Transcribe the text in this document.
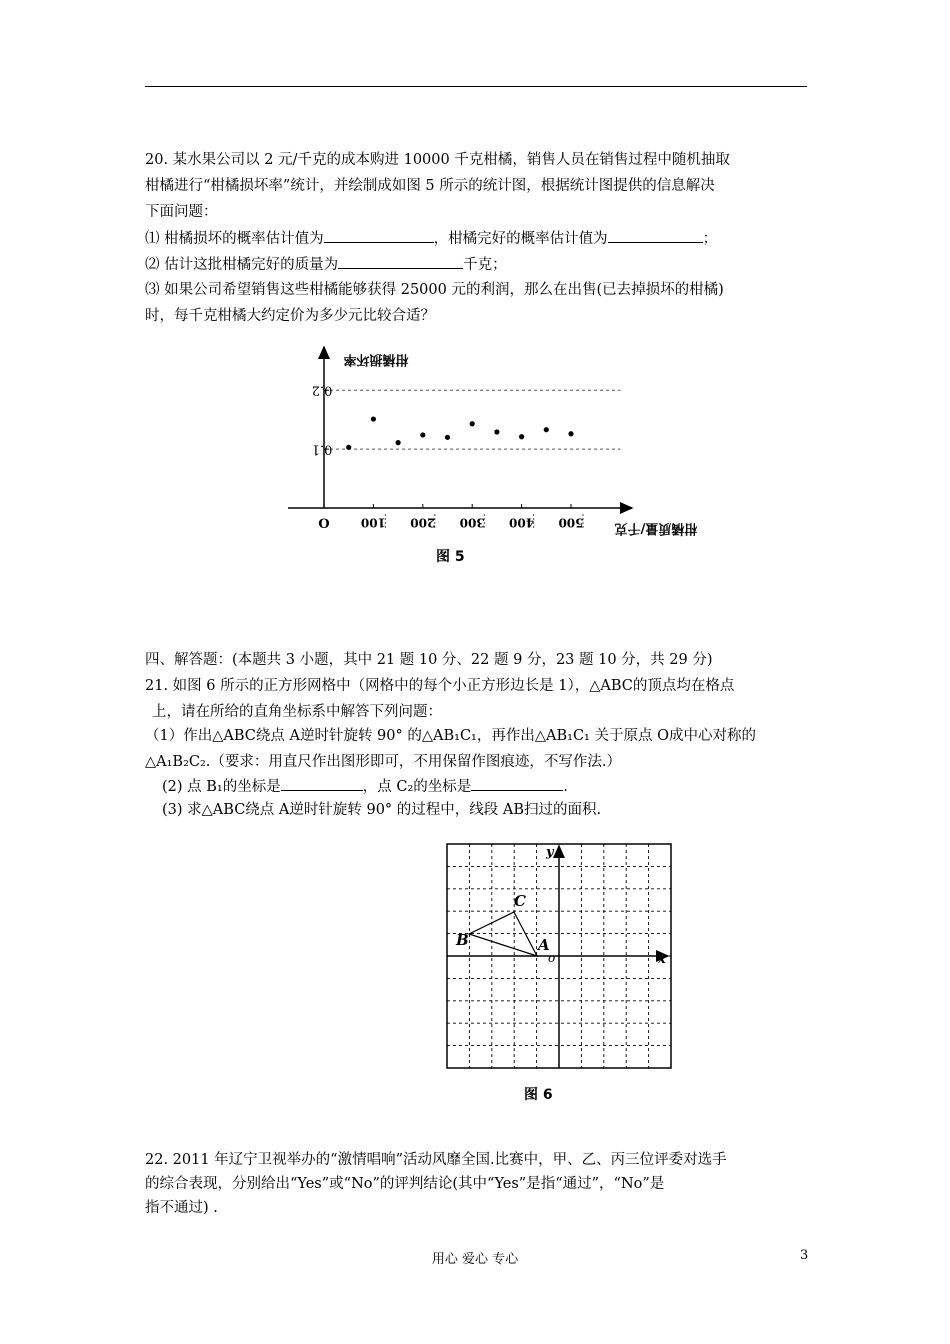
20. 某水果公司以 2 元/千克的成本购进 10000 千克柑橘，销售人员在销售过程中随机抽取
柑橘进行“柑橘损坏率”统计，并绘制成如图 5 所示的统计图，根据统计图提供的信息解决
下面问题：
⑴ 柑橘损坏的概率估计值为	，柑橘完好的概率估计值为	；
⑵ 估计这批柑橘完好的质量为	千克；
⑶ 如果公司希望销售这些柑橘能够获得 25000 元的利润，那么在出售(已去掉损坏的柑橘)
时，每千克柑橘大约定价为多少元比较合适？
0.1
0.2
100 200 300 400 500
O
柑橘损坏率
柑橘质量/千克
图 5
四、解答题：(本题共 3 小题，其中 21 题 10 分、22 题 9 分，23 题 10 分，共 29 分)
21. 如图 6 所示的正方形网格中（网格中的每个小正方形边长是 1），△ABC的顶点均在格点
上，请在所给的直角坐标系中解答下列问题：
（1）作出△ABC绕点 A逆时针旋转 90° 的△AB₁C₁，再作出△AB₁C₁ 关于原点 O成中心对称的
△A₁B₂C₂.（要求：用直尺作出图形即可，不用保留作图痕迹，不写作法.）
(2) 点 B₁的坐标是	，点 C₂的坐标是	.
(3) 求△ABC绕点 A逆时针旋转 90° 的过程中，线段 AB扫过的面积.
y
x
o
A
B
C
图 6
22. 2011 年辽宁卫视举办的“激情唱响”活动风靡全国.比赛中，甲、乙、丙三位评委对选手
的综合表现，分别给出“Yes”或“No”的评判结论(其中“Yes”是指“通过”，“No”是
指不通过) .
用心 爱心 专心	3
